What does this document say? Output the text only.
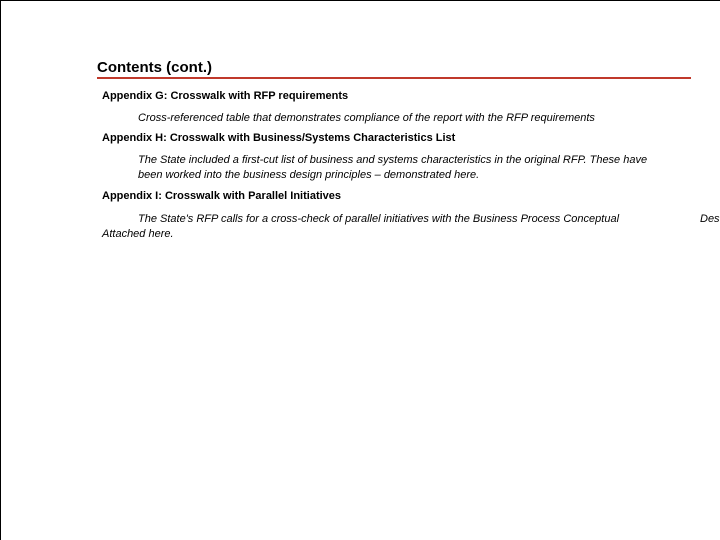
Contents (cont.)
Appendix G: Crosswalk with RFP requirements
Cross-referenced table that demonstrates compliance of the report with the RFP requirements
Appendix H: Crosswalk with Business/Systems Characteristics List
The State included a first-cut list of business and systems characteristics in the original RFP. These have
been worked into the business design principles – demonstrated here.
Appendix I: Crosswalk with Parallel Initiatives
The State's RFP calls for a cross-check of parallel initiatives with the Business Process Conceptual	Des
Attached here.
